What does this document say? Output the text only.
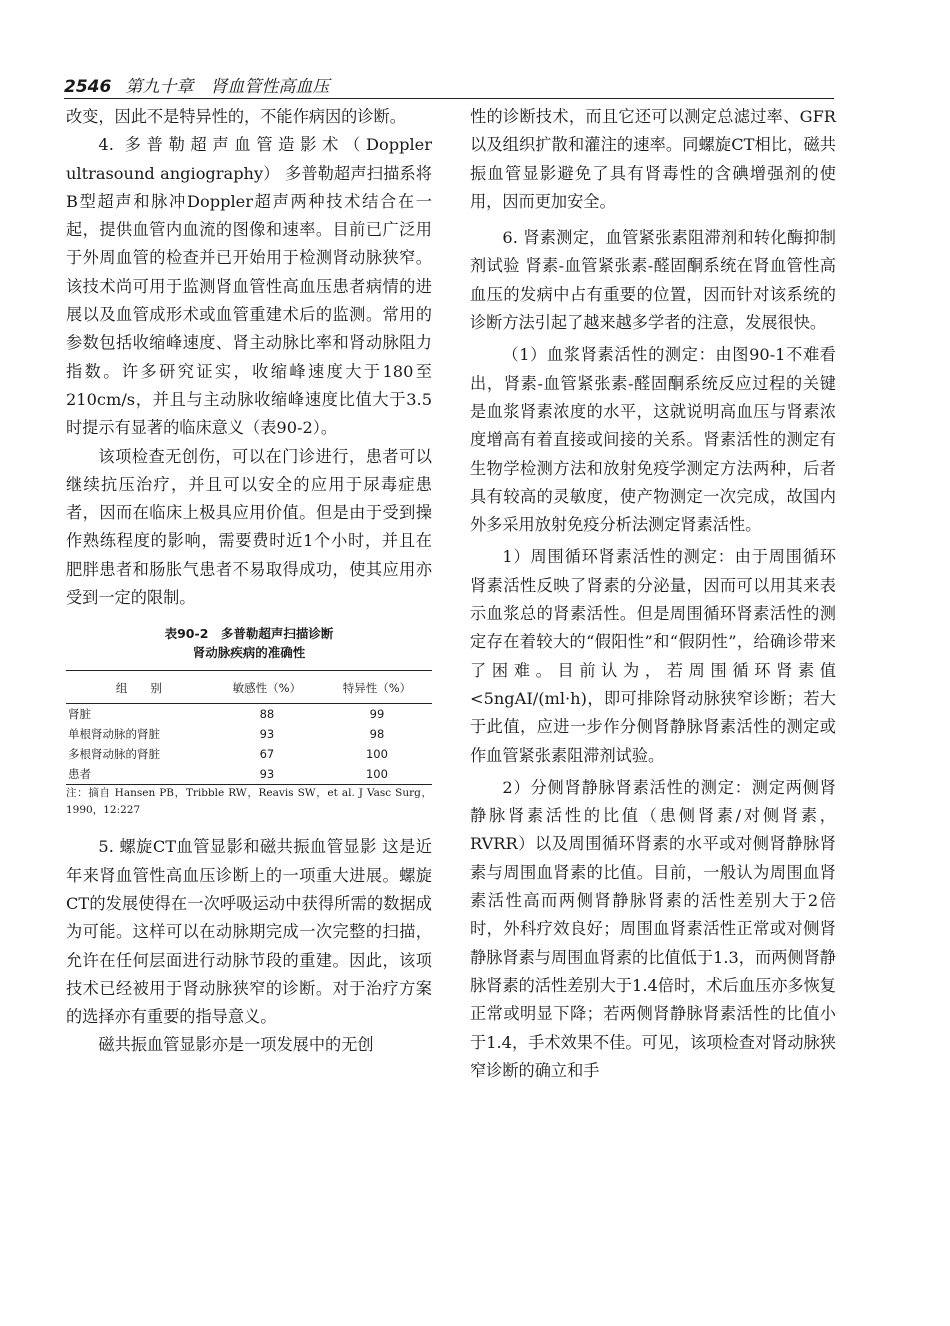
2546 第九十章　肾血管性高血压

改变，因此不是特异性的，不能作病因的诊断。

4. 多普勒超声血管造影术（Doppler ultrasound angiography） 多普勒超声扫描系将B型超声和脉冲Doppler超声两种技术结合在一起，提供血管内血流的图像和速率。目前已广泛用于外周血管的检查并已开始用于检测肾动脉狭窄。该技术尚可用于监测肾血管性高血压患者病情的进展以及血管成形术或血管重建术后的监测。常用的参数包括收缩峰速度、肾主动脉比率和肾动脉阻力指数。许多研究证实，收缩峰速度大于180至210cm/s，并且与主动脉收缩峰速度比值大于3.5时提示有显著的临床意义（表90-2）。

该项检查无创伤，可以在门诊进行，患者可以继续抗压治疗，并且可以安全的应用于尿毒症患者，因而在临床上极具应用价值。但是由于受到操作熟练程度的影响，需要费时近1个小时，并且在肥胖患者和肠胀气患者不易取得成功，使其应用亦受到一定的限制。

表90-2　多普勒超声扫描诊断
肾动脉疾病的准确性
组　　别	敏感性（%）	特异性（%）
肾脏	88	99
单根肾动脉的肾脏	93	98
多根肾动脉的肾脏	67	100
患者	93	100

注：摘自 Hansen PB，Tribble RW，Reavis SW，et al. J Vasc Surg，1990，12:227

5. 螺旋CT血管显影和磁共振血管显影 这是近年来肾血管性高血压诊断上的一项重大进展。螺旋CT的发展使得在一次呼吸运动中获得所需的数据成为可能。这样可以在动脉期完成一次完整的扫描，允许在任何层面进行动脉节段的重建。因此，该项技术已经被用于肾动脉狭窄的诊断。对于治疗方案的选择亦有重要的指导意义。

磁共振血管显影亦是一项发展中的无创

性的诊断技术，而且它还可以测定总滤过率、GFR以及组织扩散和灌注的速率。同螺旋CT相比，磁共振血管显影避免了具有肾毒性的含碘增强剂的使用，因而更加安全。

6. 肾素测定，血管紧张素阻滞剂和转化酶抑制剂试验 肾素-血管紧张素-醛固酮系统在肾血管性高血压的发病中占有重要的位置，因而针对该系统的诊断方法引起了越来越多学者的注意，发展很快。

（1）血浆肾素活性的测定：由图90-1不难看出，肾素-血管紧张素-醛固酮系统反应过程的关键是血浆肾素浓度的水平，这就说明高血压与肾素浓度增高有着直接或间接的关系。肾素活性的测定有生物学检测方法和放射免疫学测定方法两种，后者具有较高的灵敏度，使产物测定一次完成，故国内外多采用放射免疫分析法测定肾素活性。

1）周围循环肾素活性的测定：由于周围循环肾素活性反映了肾素的分泌量，因而可以用其来表示血浆总的肾素活性。但是周围循环肾素活性的测定存在着较大的“假阳性”和“假阴性”，给确诊带来了困难。目前认为，若周围循环肾素值<5ngAI/(ml·h)，即可排除肾动脉狭窄诊断；若大于此值，应进一步作分侧肾静脉肾素活性的测定或作血管紧张素阻滞剂试验。

2）分侧肾静脉肾素活性的测定：测定两侧肾静脉肾素活性的比值（患侧肾素/对侧肾素，RVRR）以及周围循环肾素的水平或对侧肾静脉肾素与周围血肾素的比值。目前，一般认为周围血肾素活性高而两侧肾静脉肾素的活性差别大于2倍时，外科疗效良好；周围血肾素活性正常或对侧肾静脉肾素与周围血肾素的比值低于1.3，而两侧肾静脉肾素的活性差别大于1.4倍时，术后血压亦多恢复正常或明显下降；若两侧肾静脉肾素活性的比值小于1.4，手术效果不佳。可见，该项检查对肾动脉狭窄诊断的确立和手
